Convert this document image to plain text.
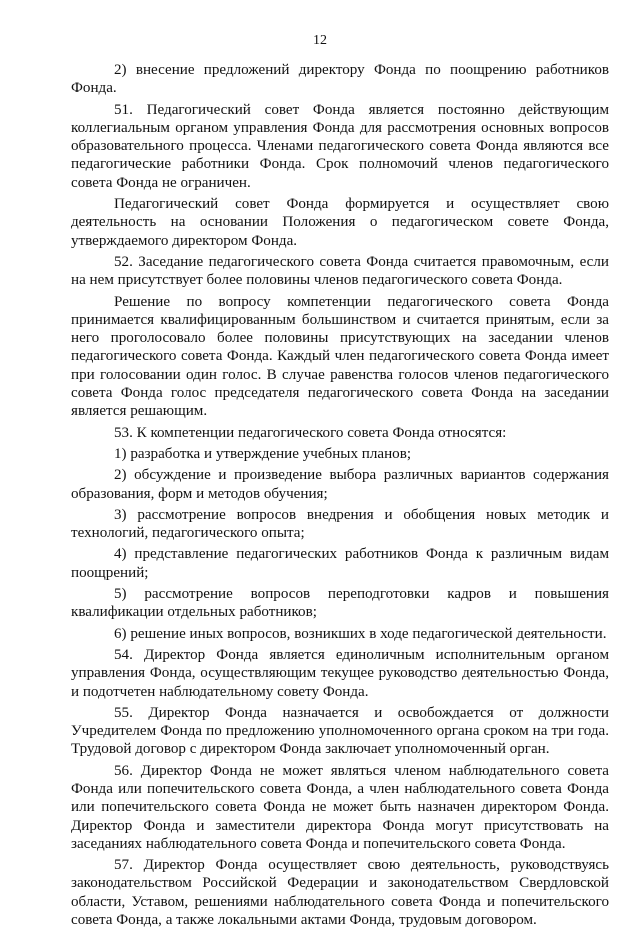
12

2) внесение предложений директору Фонда по поощрению работников Фонда.

51. Педагогический совет Фонда является постоянно действующим коллегиальным органом управления Фонда для рассмотрения основных вопросов образовательного процесса. Членами педагогического совета Фонда являются все педагогические работники Фонда. Срок полномочий членов педагогического совета Фонда не ограничен.

Педагогический совет Фонда формируется и осуществляет свою деятельность на основании Положения о педагогическом совете Фонда, утверждаемого директором Фонда.

52. Заседание педагогического совета Фонда считается правомочным, если на нем присутствует более половины членов педагогического совета Фонда.

Решение по вопросу компетенции педагогического совета Фонда принимается квалифицированным большинством и считается принятым, если за него проголосовало более половины присутствующих на заседании членов педагогического совета Фонда. Каждый член педагогического совета Фонда имеет при голосовании один голос. В случае равенства голосов членов педагогического совета Фонда голос председателя педагогического совета Фонда на заседании является решающим.

53. К компетенции педагогического совета Фонда относятся:

1) разработка и утверждение учебных планов;

2) обсуждение и произведение выбора различных вариантов содержания образования, форм и методов обучения;

3) рассмотрение вопросов внедрения и обобщения новых методик и технологий, педагогического опыта;

4) представление педагогических работников Фонда к различным видам поощрений;

5) рассмотрение вопросов переподготовки кадров и повышения квалификации отдельных работников;

6) решение иных вопросов, возникших в ходе педагогической деятельности.

54. Директор Фонда является единоличным исполнительным органом управления Фонда, осуществляющим текущее руководство деятельностью Фонда, и подотчетен наблюдательному совету Фонда.

55. Директор Фонда назначается и освобождается от должности Учредителем Фонда по предложению уполномоченного органа сроком на три года. Трудовой договор с директором Фонда заключает уполномоченный орган.

56. Директор Фонда не может являться членом наблюдательного совета Фонда или попечительского совета Фонда, а член наблюдательного совета Фонда или попечительского совета Фонда не может быть назначен директором Фонда. Директор Фонда и заместители директора Фонда могут присутствовать на заседаниях наблюдательного совета Фонда и попечительского совета Фонда.

57. Директор Фонда осуществляет свою деятельность, руководствуясь законодательством Российской Федерации и законодательством Свердловской области, Уставом, решениями наблюдательного совета Фонда и попечительского совета Фонда, а также локальными актами Фонда, трудовым договором.
